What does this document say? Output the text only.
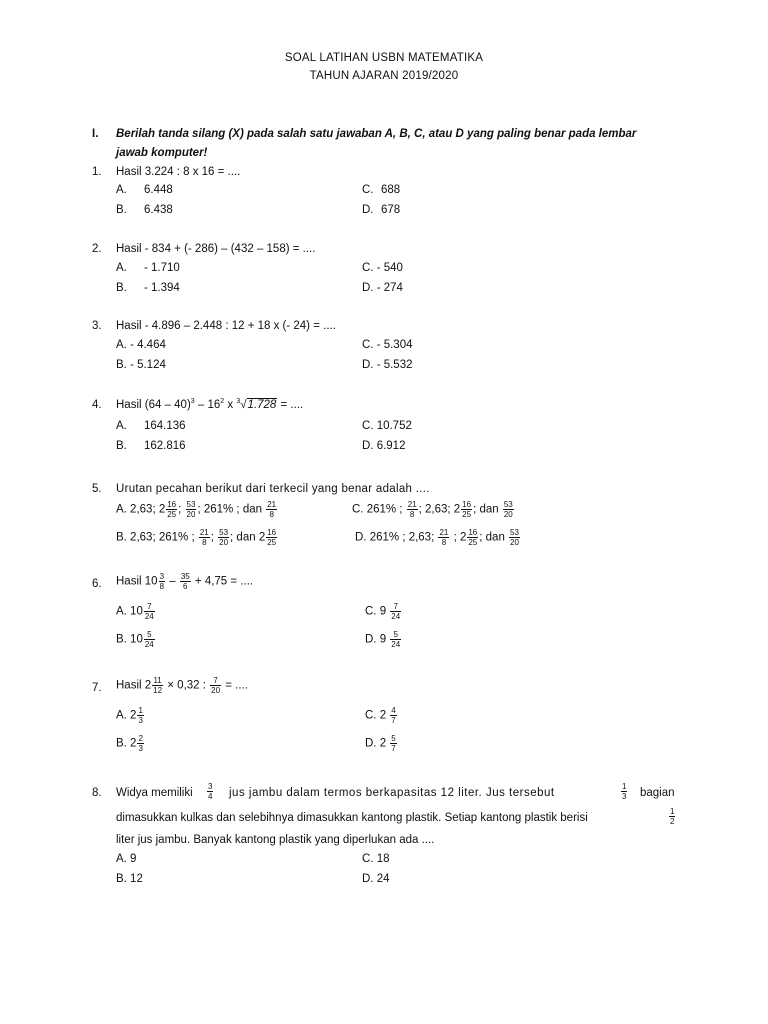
SOAL LATIHAN USBN MATEMATIKA
TAHUN AJARAN 2019/2020
I. Berilah tanda silang (X) pada salah satu jawaban A, B, C, atau D yang paling benar pada lembar
jawab komputer!
1. Hasil 3.224 : 8 x 16 = ....
A. 6.448
B. 6.438
C. 688
D. 678
2. Hasil - 834 + (- 286) – (432 – 158) = ....
A. - 1.710
B. - 1.394
C. - 540
D. - 274
3. Hasil - 4.896 – 2.448 : 12 + 18 x (- 24) = ....
A. - 4.464
B. - 5.124
C. - 5.304
D. - 5.532
4. Hasil $(64 - 40)^3 - 16^2$ x $^3$√1.728 = ....
A. 164.136
B. 162.816
C. 10.752
D. 6.912
5. Urutan pecahan berikut dari terkecil yang benar adalah ....
A. 2,63; $2 \frac{16}{25}$ ; $\frac{53}{20}$ ; 261% ; dan $\frac{21}{8}$	C. 261% ; $\frac{21}{8}$ ; 2,63; $2 \frac{16}{25}$ ; dan $\frac{53}{20}$
B. 2,63; 261% ; $\frac{21}{8}$ ; $\frac{53}{20}$ ; dan $2 \frac{16}{25}$	D. 261% ; 2,63; $\frac{21}{8}$ ; $2 \frac{16}{25}$ ; dan $\frac{53}{20}$
6. Hasil $10 \frac{3}{8} - \frac{35}{6} + 4,75$ = ....
A. $10 \frac{7}{24}$
B. $10 \frac{5}{24}$
C. $9 \frac{7}{24}$
D. $9 \frac{5}{24}$
7. Hasil $2 \frac{11}{12} \times 0,32$ : $\frac{7}{20}$ = ....
A. $2 \frac{1}{3}$
B. $2 \frac{2}{3}$
C. $2 \frac{4}{7}$
D. $2 \frac{5}{7}$
8. Widya memiliki $\frac{3}{4}$ jus jambu dalam termos berkapasitas 12 liter. Jus tersebut	$\frac{1}{3}$ bagian
dimasukkan kulkas dan selebihnya dimasukkan kantong plastik. Setiap kantong plastik berisi	$\frac{1}{2}$
liter jus jambu. Banyak kantong plastik yang diperlukan ada ....
A. 9
B. 12
C. 18
D. 24
